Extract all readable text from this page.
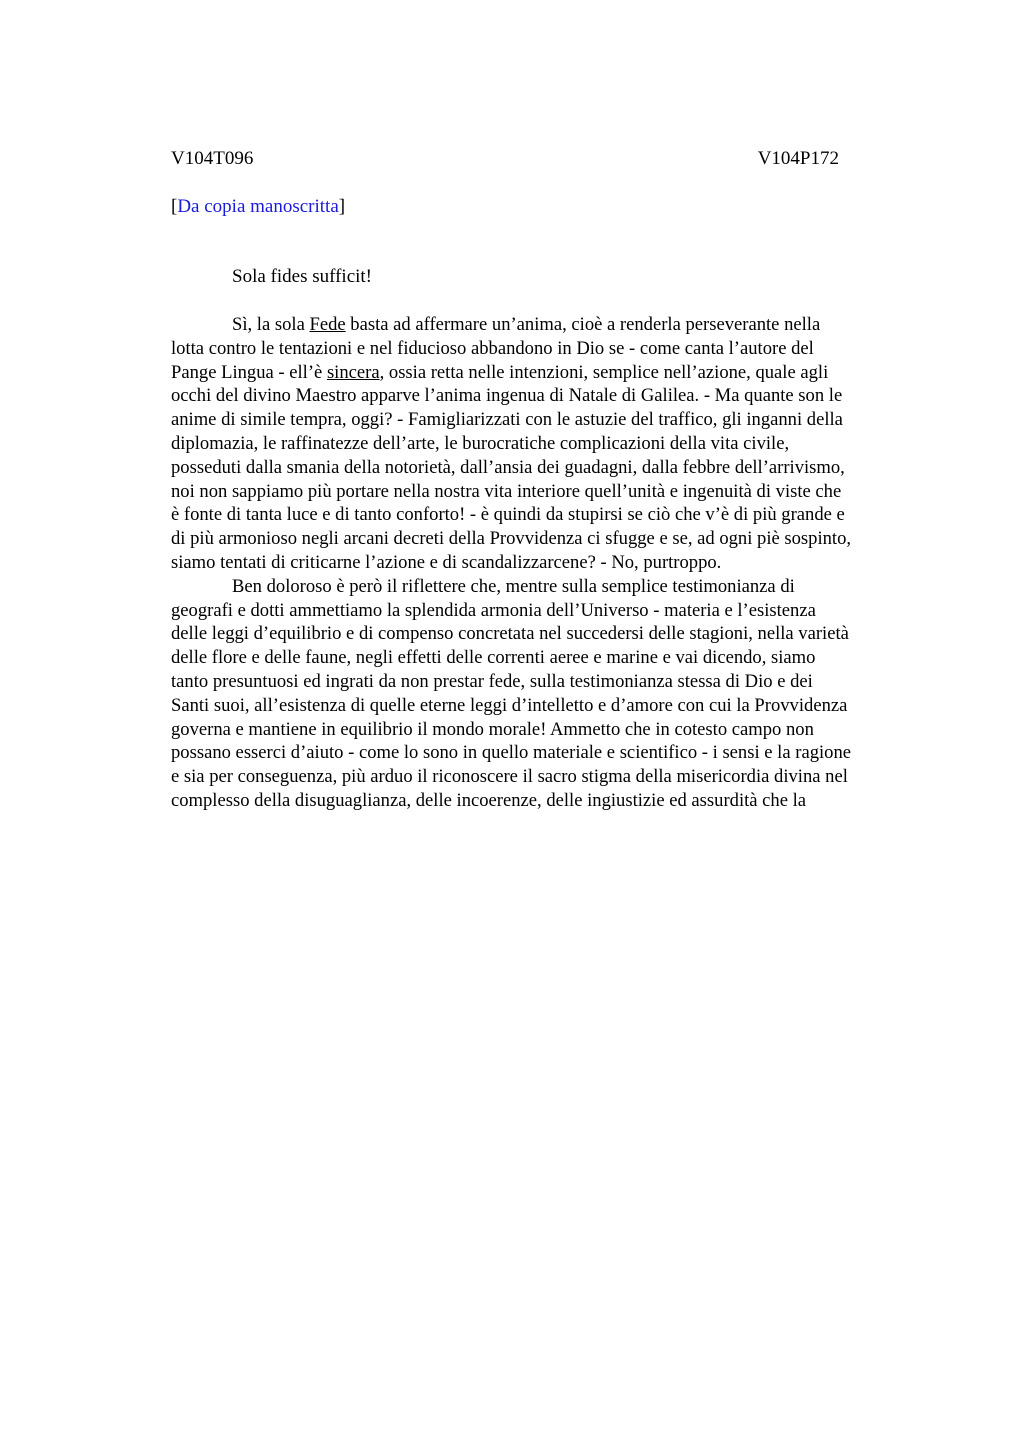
V104T096	V104P172
[Da copia manoscritta]
Sola fides sufficit!
Sì, la sola Fede basta ad affermare un’anima, cioè a renderla perseverante nella
lotta contro le tentazioni e nel fiducioso abbandono in Dio se - come canta l’autore del
Pange Lingua - ell’è sincera, ossia retta nelle intenzioni, semplice nell’azione, quale agli
occhi del divino Maestro apparve l’anima ingenua di Natale di Galilea. - Ma quante son le
anime di simile tempra, oggi? - Famigliarizzati con le astuzie del traffico, gli inganni della
diplomazia, le raffinatezze dell’arte, le burocratiche complicazioni della vita civile,
posseduti dalla smania della notorietà, dall’ansia dei guadagni, dalla febbre dell’arrivismo,
noi non sappiamo più portare nella nostra vita interiore quell’unità e ingenuità di viste che
è fonte di tanta luce e di tanto conforto! - è quindi da stupirsi se ciò che v’è di più grande e
di più armonioso negli arcani decreti della Provvidenza ci sfugge e se, ad ogni piè sospinto,
siamo tentati di criticarne l’azione e di scandalizzarcene? - No, purtroppo.
Ben doloroso è però il riflettere che, mentre sulla semplice testimonianza di
geografi e dotti ammettiamo la splendida armonia dell’Universo - materia e l’esistenza
delle leggi d’equilibrio e di compenso concretata nel succedersi delle stagioni, nella varietà
delle flore e delle faune, negli effetti delle correnti aeree e marine e vai dicendo, siamo
tanto presuntuosi ed ingrati da non prestar fede, sulla testimonianza stessa di Dio e dei
Santi suoi, all’esistenza di quelle eterne leggi d’intelletto e d’amore con cui la Provvidenza
governa e mantiene in equilibrio il mondo morale! Ammetto che in cotesto campo non
possano esserci d’aiuto - come lo sono in quello materiale e scientifico - i sensi e la ragione
e sia per conseguenza, più arduo il riconoscere il sacro stigma della misericordia divina nel
complesso della disuguaglianza, delle incoerenze, delle ingiustizie ed assurdità che la
